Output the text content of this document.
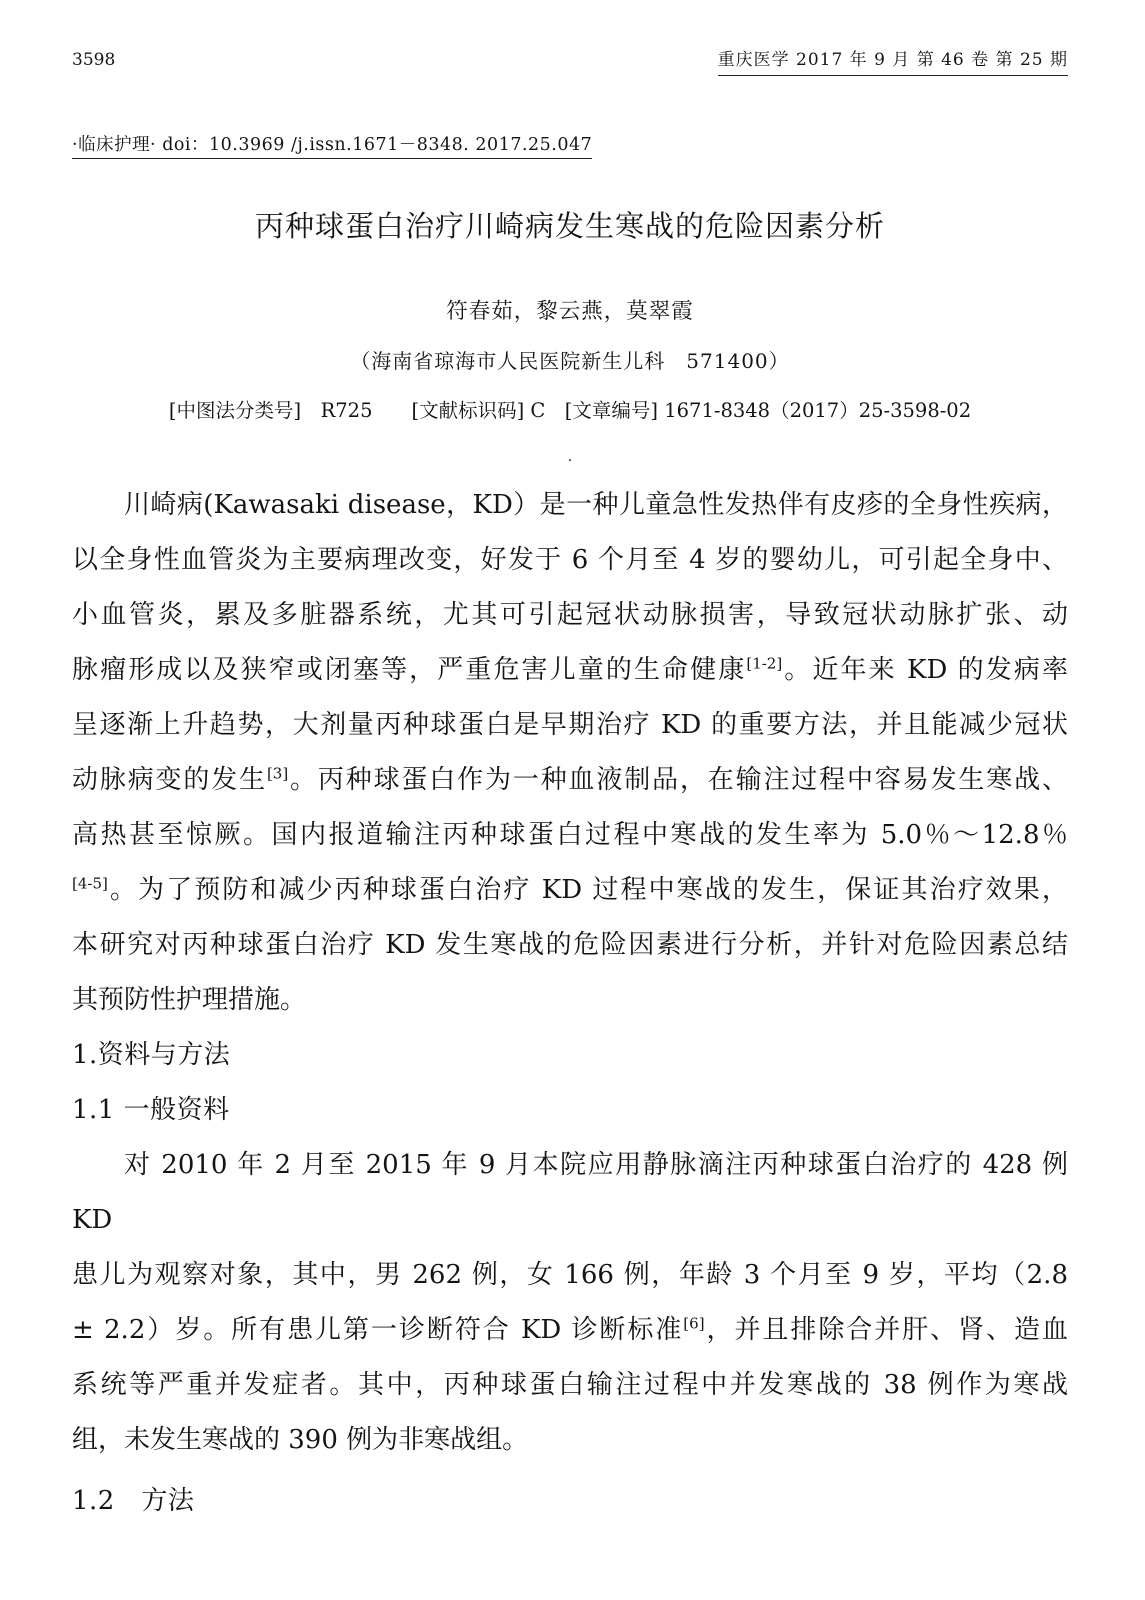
3598	重庆医学 2017 年 9 月 第 46 卷 第 25 期
·临床护理· doi：10.3969 /j.issn.1671－8348. 2017.25.047
丙种球蛋白治疗川崎病发生寒战的危险因素分析
符春茹，黎云燕，莫翠霞
（海南省琼海市人民医院新生儿科　571400）
[中图法分类号]　R725　　[文献标识码] C　[文章编号] 1671-8348（2017）25-3598-02
.
川崎病(Kawasaki disease，KD）是一种儿童急性发热伴有皮疹的全身性疾病，
以全身性血管炎为主要病理改变，好发于 6 个月至 4 岁的婴幼儿，可引起全身中、
小血管炎，累及多脏器系统，尤其可引起冠状动脉损害，导致冠状动脉扩张、动
脉瘤形成以及狭窄或闭塞等，严重危害儿童的生命健康[1-2]。近年来 KD 的发病率
呈逐渐上升趋势，大剂量丙种球蛋白是早期治疗 KD 的重要方法，并且能减少冠状
动脉病变的发生[3]。丙种球蛋白作为一种血液制品，在输注过程中容易发生寒战、
高热甚至惊厥。国内报道输注丙种球蛋白过程中寒战的发生率为 5.0％～12.8％
[4-5]。为了预防和减少丙种球蛋白治疗 KD 过程中寒战的发生，保证其治疗效果，
本研究对丙种球蛋白治疗 KD 发生寒战的危险因素进行分析，并针对危险因素总结
其预防性护理措施。
1.资料与方法
1.1 一般资料
对 2010 年 2 月至 2015 年 9 月本院应用静脉滴注丙种球蛋白治疗的 428 例 KD
患儿为观察对象，其中，男 262 例，女 166 例，年龄 3 个月至 9 岁，平均（2.8
± 2.2）岁。所有患儿第一诊断符合 KD 诊断标准[6]，并且排除合并肝、肾、造血
系统等严重并发症者。其中，丙种球蛋白输注过程中并发寒战的 38 例作为寒战
组，未发生寒战的 390 例为非寒战组。
1.2　方法
